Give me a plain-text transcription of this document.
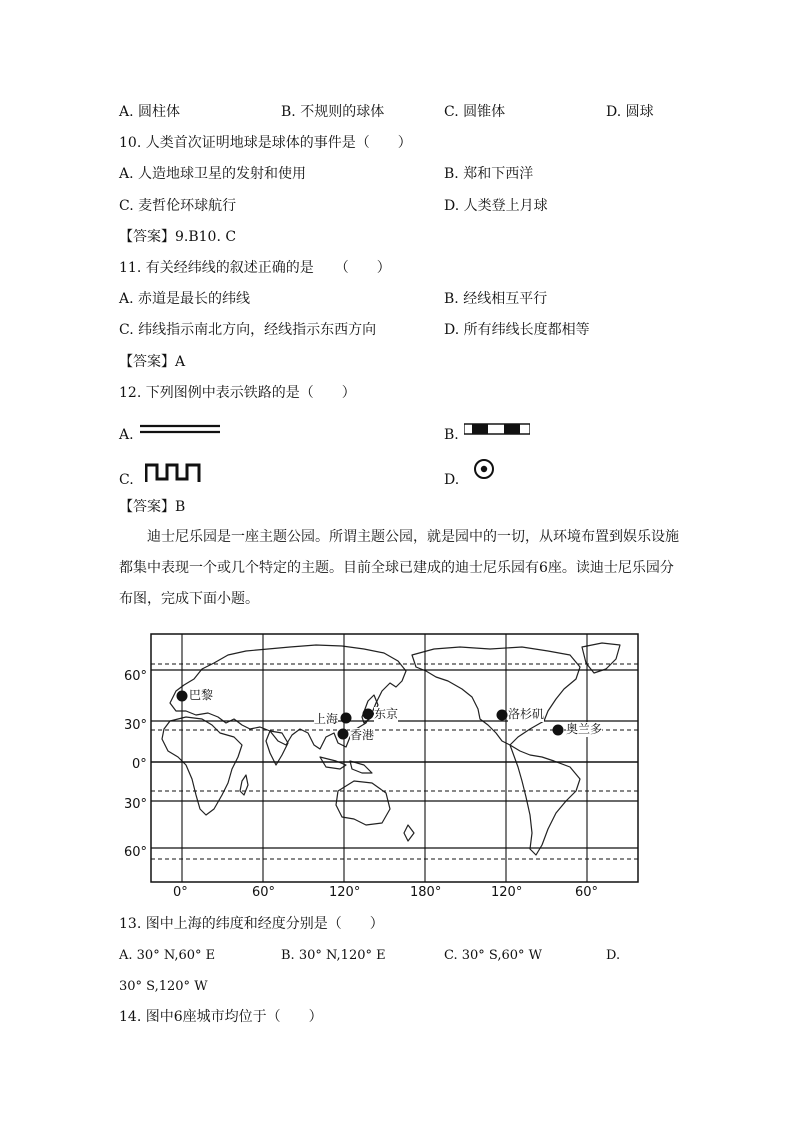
A. 圆柱体	B. 不规则的球体	C. 圆锥体	D. 圆球
10. 人类首次证明地球是球体的事件是（　　）
A. 人造地球卫星的发射和使用	B. 郑和下西洋
C. 麦哲伦环球航行	D. 人类登上月球
【答案】9.B10. C
11. 有关经纬线的叙述正确的是　　（　　）
A. 赤道是最长的纬线	B. 经线相互平行
C. 纬线指示南北方向，经线指示东西方向	D. 所有纬线长度都相等
【答案】A
12. 下列图例中表示铁路的是（　　）
A.	B.
C.	D.
【答案】B
迪士尼乐园是一座主题公园。所谓主题公园，就是园中的一切，从环境布置到娱乐设施都集中表现一个或几个特定的主题。目前全球已建成的迪士尼乐园有6座。读迪士尼乐园分布图，完成下面小题。
60°
30°
0°
30°
60°
0°	60°	120°	180°	120°	60°
巴黎
上海	东京
香港
洛杉矶
奥兰多
13. 图中上海的纬度和经度分别是（　　）
A. 30° N,60° E	B. 30° N,120° E	C. 30° S,60° W	D.
30° S,120° W
14. 图中6座城市均位于（　　）
